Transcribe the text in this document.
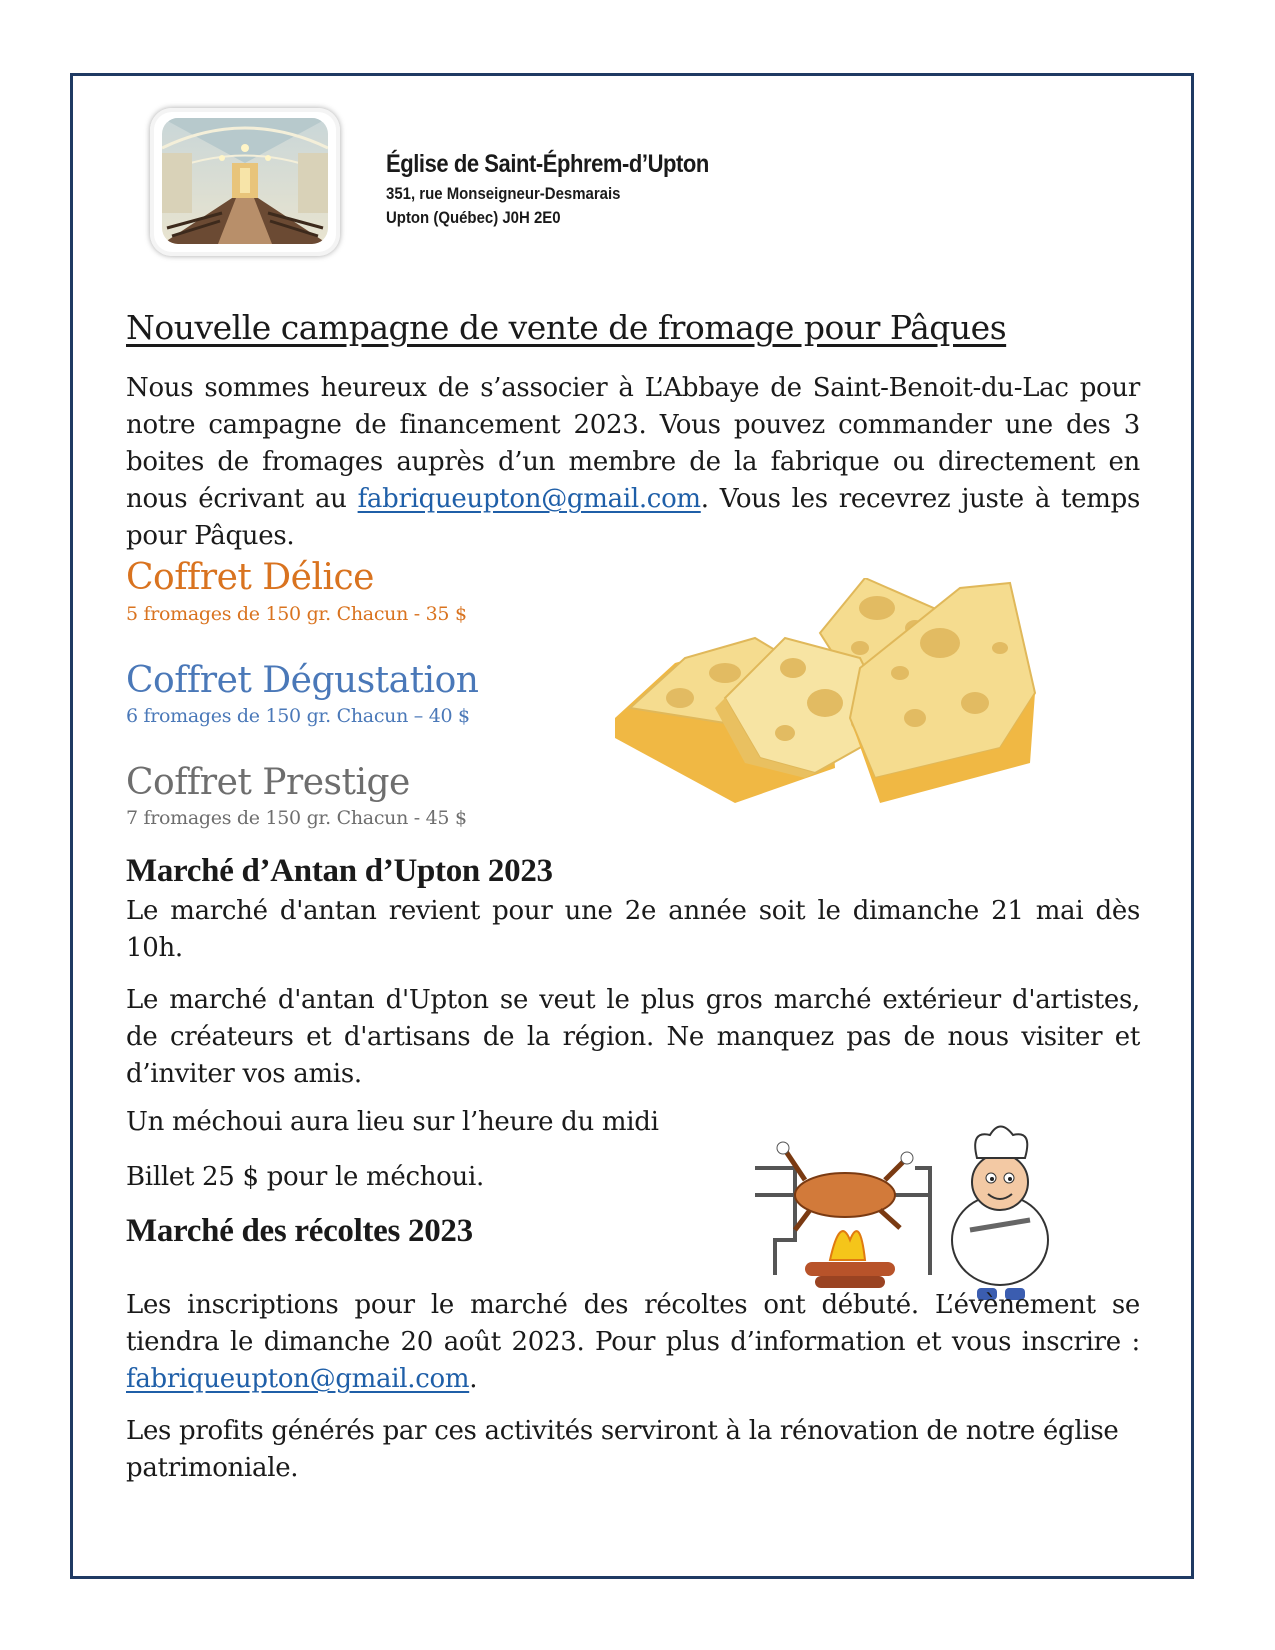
Église de Saint-Éphrem-d’Upton
351, rue Monseigneur-Desmarais
Upton (Québec) J0H 2E0
Nouvelle campagne de vente de fromage pour Pâques
Nous sommes heureux de s’associer à L’Abbaye de Saint-Benoit-du-Lac pour notre campagne de financement 2023. Vous pouvez commander une des 3 boites de fromages auprès d’un membre de la fabrique ou directement en nous écrivant au fabriqueupton@gmail.com. Vous les recevrez juste à temps pour Pâques.
Coffret Délice
5 fromages de 150 gr. Chacun - 35 $
Coffret Dégustation
6 fromages de 150 gr. Chacun – 40 $
Coffret Prestige
7 fromages de 150 gr. Chacun - 45 $
Marché d’Antan d’Upton 2023
Le marché d'antan revient pour une 2e année soit le dimanche 21 mai dès 10h.
Le marché d'antan d'Upton se veut le plus gros marché extérieur d'artistes, de créateurs et d'artisans de la région. Ne manquez pas de nous visiter et d’inviter vos amis.
Un méchoui aura lieu sur l’heure du midi
Billet 25 $ pour le méchoui.
Marché des récoltes 2023
Les inscriptions pour le marché des récoltes ont débuté. L’évènement se tiendra le dimanche 20 août 2023. Pour plus d’information et vous inscrire : fabriqueupton@gmail.com.
Les profits générés par ces activités serviront à la rénovation de notre église patrimoniale.
